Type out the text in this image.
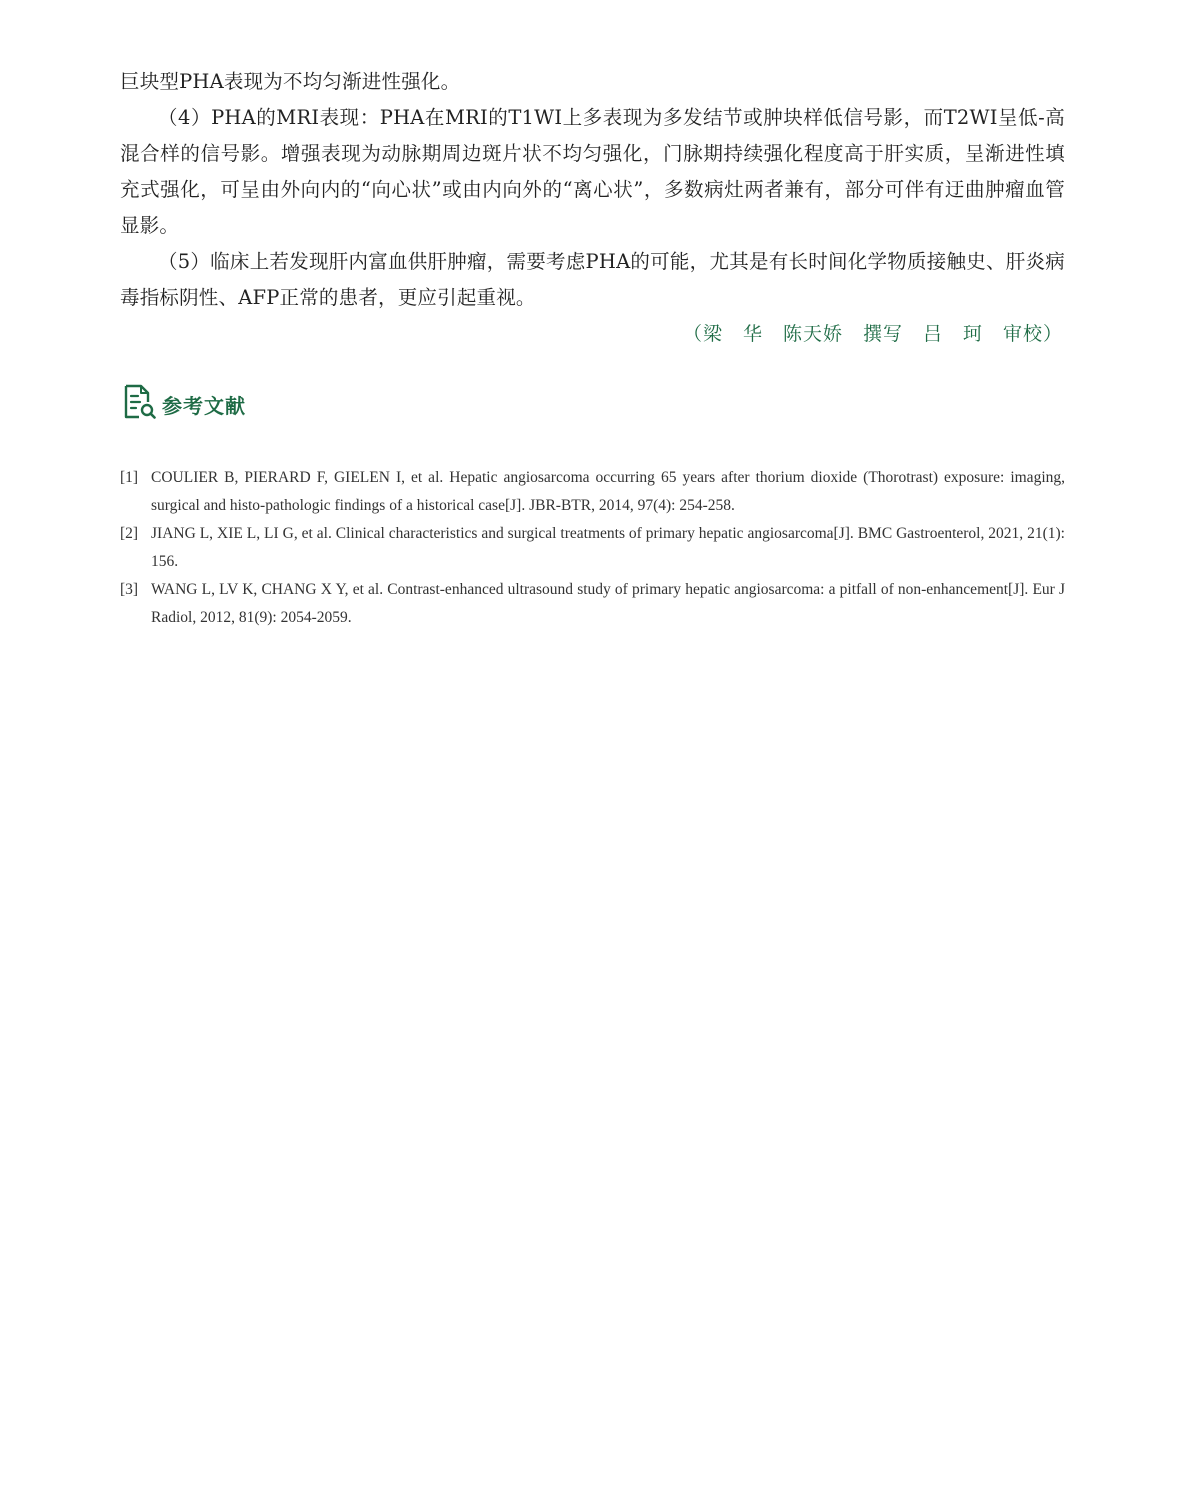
巨块型PHA表现为不均匀渐进性强化。

（4）PHA的MRI表现：PHA在MRI的T1WI上多表现为多发结节或肿块样低信号影，而T2WI呈低-高混合样的信号影。增强表现为动脉期周边斑片状不均匀强化，门脉期持续强化程度高于肝实质，呈渐进性填充式强化，可呈由外向内的“向心状”或由内向外的“离心状”，多数病灶两者兼有，部分可伴有迂曲肿瘤血管显影。

（5）临床上若发现肝内富血供肝肿瘤，需要考虑PHA的可能，尤其是有长时间化学物质接触史、肝炎病毒指标阴性、AFP正常的患者，更应引起重视。

（梁　华　陈天娇　撰写　吕　珂　审校）
参考文献
[1] COULIER B, PIERARD F, GIELEN I, et al. Hepatic angiosarcoma occurring 65 years after thorium dioxide (Thorotrast) exposure: imaging, surgical and histo-pathologic findings of a historical case[J]. JBR-BTR, 2014, 97(4): 254-258.
[2] JIANG L, XIE L, LI G, et al. Clinical characteristics and surgical treatments of primary hepatic angiosarcoma[J]. BMC Gastroenterol, 2021, 21(1): 156.
[3] WANG L, LV K, CHANG X Y, et al. Contrast-enhanced ultrasound study of primary hepatic angiosarcoma: a pitfall of non-enhancement[J]. Eur J Radiol, 2012, 81(9): 2054-2059.
